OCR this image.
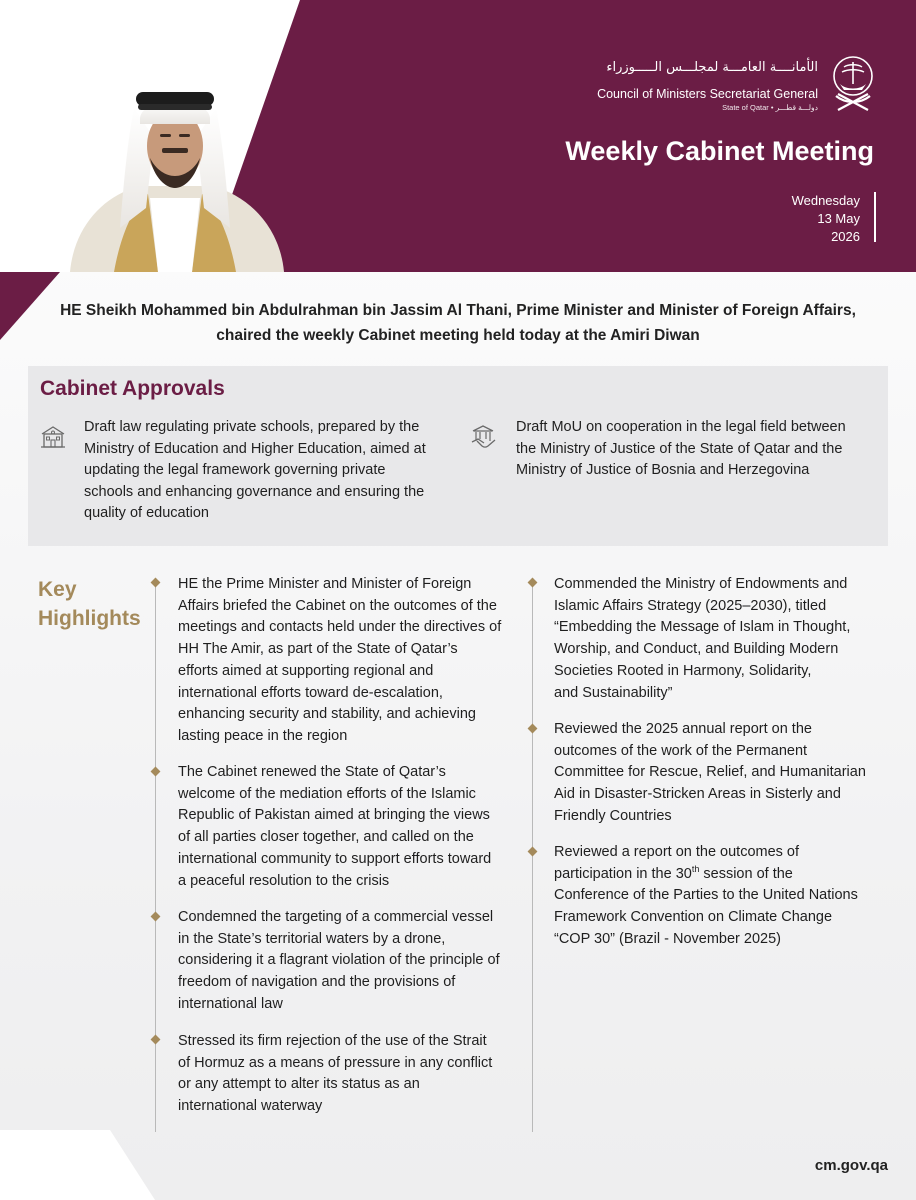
الأمانــــة العامـــة لمجلـــس الـــــوزراء
Council of Ministers Secretariat General
State of Qatar • دولـــة قطـــر
Weekly Cabinet Meeting
Wednesday
13 May
2026
HE Sheikh Mohammed bin Abdulrahman bin Jassim Al Thani, Prime Minister and Minister of Foreign Affairs,
chaired the weekly Cabinet meeting held today at the Amiri Diwan
Cabinet Approvals
Draft law regulating private schools, prepared by the
Ministry of Education and Higher Education, aimed at
updating the legal framework governing private
schools and enhancing governance and ensuring the
quality of education
Draft MoU on cooperation in the legal field between
the Ministry of Justice of the State of Qatar and the
Ministry of Justice of Bosnia and Herzegovina
Key
Highlights
HE the Prime Minister and Minister of Foreign
Affairs briefed the Cabinet on the outcomes of the
meetings and contacts held under the directives of
HH The Amir, as part of the State of Qatar’s
efforts aimed at supporting regional and
international efforts toward de-escalation,
enhancing security and stability, and achieving
lasting peace in the region
The Cabinet renewed the State of Qatar’s
welcome of the mediation efforts of the Islamic
Republic of Pakistan aimed at bringing the views
of all parties closer together, and called on the
international community to support efforts toward
a peaceful resolution to the crisis
Condemned the targeting of a commercial vessel
in the State’s territorial waters by a drone,
considering it a flagrant violation of the principle of
freedom of navigation and the provisions of
international law
Stressed its firm rejection of the use of the Strait
of Hormuz as a means of pressure in any conflict
or any attempt to alter its status as an
international waterway
Commended the Ministry of Endowments and
Islamic Affairs Strategy (2025–2030), titled
“Embedding the Message of Islam in Thought,
Worship, and Conduct, and Building Modern
Societies Rooted in Harmony, Solidarity,
and Sustainability”
Reviewed the 2025 annual report on the
outcomes of the work of the Permanent
Committee for Rescue, Relief, and Humanitarian
Aid in Disaster-Stricken Areas in Sisterly and
Friendly Countries
Reviewed a report on the outcomes of
participation in the 30th session of the
Conference of the Parties to the United Nations
Framework Convention on Climate Change
“COP 30” (Brazil - November 2025)
cm.gov.qa
